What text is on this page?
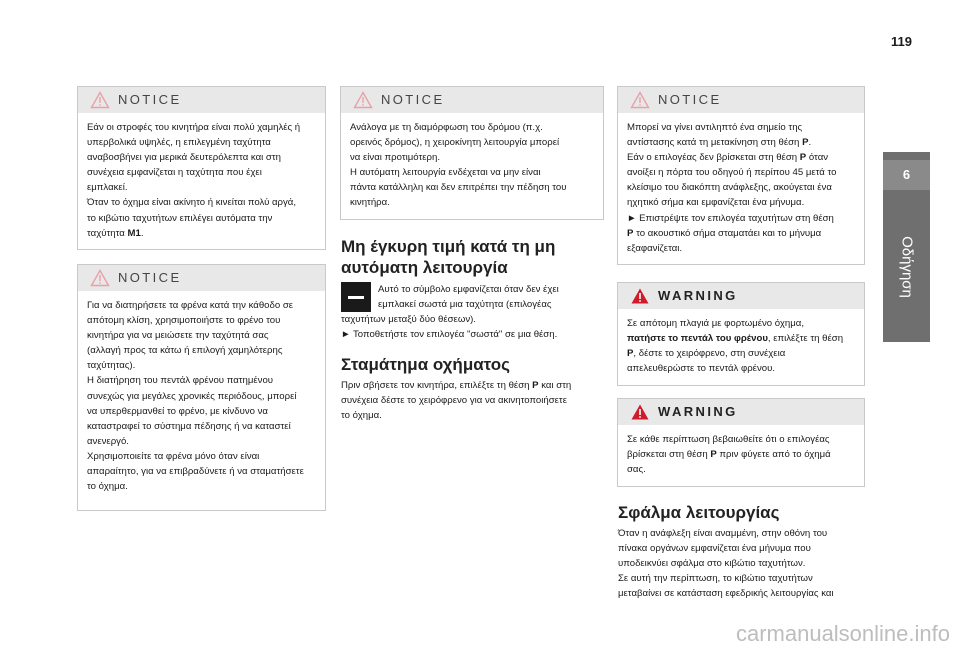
119
6
Οδήγηση
NOTICE
Εάν οι στροφές του κινητήρα είναι πολύ χαμηλές ή
υπερβολικά υψηλές, η επιλεγμένη ταχύτητα
αναβοσβήνει για μερικά δευτερόλεπτα και στη
συνέχεια εμφανίζεται η ταχύτητα που έχει
εμπλακεί.
Όταν το όχημα είναι ακίνητο ή κινείται πολύ αργά,
το κιβώτιο ταχυτήτων επιλέγει αυτόματα την
ταχύτητα M1.
NOTICE
Για να διατηρήσετε τα φρένα κατά την κάθοδο σε
απότομη κλίση, χρησιμοποιήστε το φρένο του
κινητήρα για να μειώσετε την ταχύτητά σας
(αλλαγή προς τα κάτω ή επιλογή χαμηλότερης
ταχύτητας).
Η διατήρηση του πεντάλ φρένου πατημένου
συνεχώς για μεγάλες χρονικές περιόδους, μπορεί
να υπερθερμανθεί το φρένο, με κίνδυνο να
καταστραφεί το σύστημα πέδησης ή να καταστεί
ανενεργό.
Χρησιμοποιείτε τα φρένα μόνο όταν είναι
απαραίτητο, για να επιβραδύνετε ή να σταματήσετε
το όχημα.
NOTICE
Ανάλογα με τη διαμόρφωση του δρόμου (π.χ.
ορεινός δρόμος), η χειροκίνητη λειτουργία μπορεί
να είναι προτιμότερη.
Η αυτόματη λειτουργία ενδέχεται να μην είναι
πάντα κατάλληλη και δεν επιτρέπει την πέδηση του
κινητήρα.
Μη έγκυρη τιμή κατά τη μη
αυτόματη λειτουργία
Αυτό το σύμβολο εμφανίζεται όταν δεν έχει
εμπλακεί σωστά μια ταχύτητα (επιλογέας
ταχυτήτων μεταξύ δύο θέσεων).
► Τοποθετήστε τον επιλογέα "σωστά" σε μια θέση.
Σταμάτημα οχήματος
Πριν σβήσετε τον κινητήρα, επιλέξτε τη θέση P και στη
συνέχεια δέστε το χειρόφρενο για να ακινητοποιήσετε
το όχημα.
NOTICE
Μπορεί να γίνει αντιληπτό ένα σημείο της
αντίστασης κατά τη μετακίνηση στη θέση P.
Εάν ο επιλογέας δεν βρίσκεται στη θέση P όταν
ανοίξει η πόρτα του οδηγού ή περίπου 45 μετά το
κλείσιμο του διακόπτη ανάφλεξης, ακούγεται ένα
ηχητικό σήμα και εμφανίζεται ένα μήνυμα.
► Επιστρέψτε τον επιλογέα ταχυτήτων στη θέση
P το ακουστικό σήμα σταματάει και το μήνυμα
εξαφανίζεται.
WARNING
Σε απότομη πλαγιά με φορτωμένο όχημα,
πατήστε το πεντάλ του φρένου, επιλέξτε τη θέση
P, δέστε το χειρόφρενο, στη συνέχεια
απελευθερώστε το πεντάλ φρένου.
WARNING
Σε κάθε περίπτωση βεβαιωθείτε ότι ο επιλογέας
βρίσκεται στη θέση P πριν φύγετε από το όχημά
σας.
Σφάλμα λειτουργίας
Όταν η ανάφλεξη είναι αναμμένη, στην οθόνη του
πίνακα οργάνων εμφανίζεται ένα μήνυμα που
υποδεικνύει σφάλμα στο κιβώτιο ταχυτήτων.
Σε αυτή την περίπτωση, το κιβώτιο ταχυτήτων
μεταβαίνει σε κατάσταση εφεδρικής λειτουργίας και
carmanualsonline.info
